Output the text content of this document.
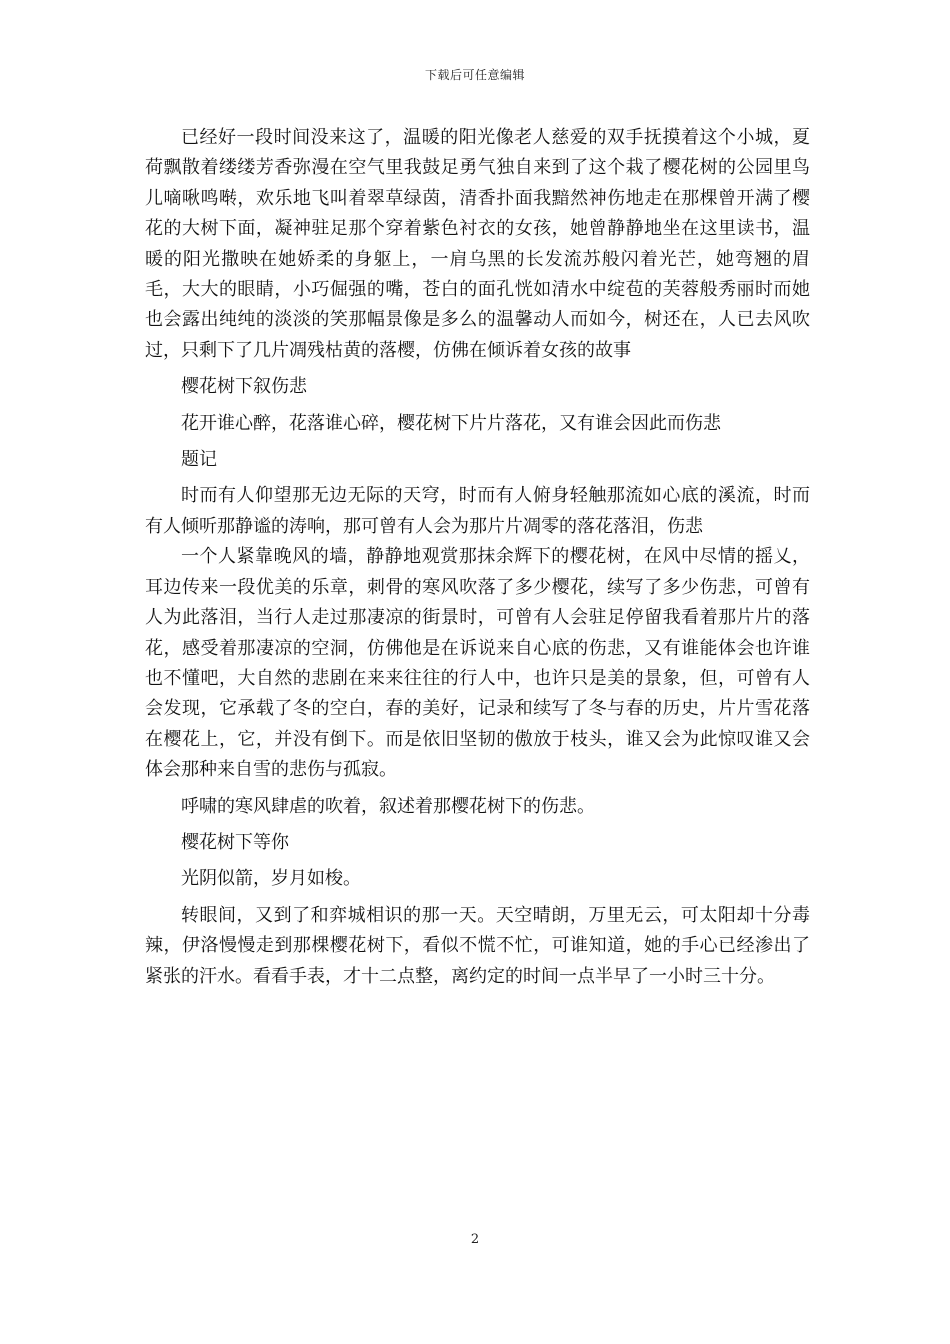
下载后可任意编辑

已经好一段时间没来这了，温暖的阳光像老人慈爱的双手抚摸着这个小城，夏荷飘散着缕缕芳香弥漫在空气里我鼓足勇气独自来到了这个栽了樱花树的公园里鸟儿嘀啾鸣啭，欢乐地飞叫着翠草绿茵，清香扑面我黯然神伤地走在那棵曾开满了樱花的大树下面，凝神驻足那个穿着紫色衬衣的女孩，她曾静静地坐在这里读书，温暖的阳光撒映在她娇柔的身躯上，一肩乌黑的长发流苏般闪着光芒，她弯翘的眉毛，大大的眼睛，小巧倔强的嘴，苍白的面孔恍如清水中绽苞的芙蓉般秀丽时而她也会露出纯纯的淡淡的笑那幅景像是多么的温馨动人而如今，树还在，人已去风吹过，只剩下了几片凋残枯黄的落樱，仿佛在倾诉着女孩的故事

樱花树下叙伤悲

花开谁心醉，花落谁心碎，樱花树下片片落花，又有谁会因此而伤悲

题记

时而有人仰望那无边无际的天穹，时而有人俯身轻触那流如心底的溪流，时而有人倾听那静谧的涛响，那可曾有人会为那片片凋零的落花落泪，伤悲

一个人紧靠晚风的墙，静静地观赏那抹余辉下的樱花树，在风中尽情的摇乂，耳边传来一段优美的乐章，刺骨的寒风吹落了多少樱花，续写了多少伤悲，可曾有人为此落泪，当行人走过那凄凉的街景时，可曾有人会驻足停留我看着那片片的落花，感受着那凄凉的空洞，仿佛他是在诉说来自心底的伤悲，又有谁能体会也许谁也不懂吧，大自然的悲剧在来来往往的行人中，也许只是美的景象，但，可曾有人会发现，它承载了冬的空白，春的美好，记录和续写了冬与春的历史，片片雪花落在樱花上，它，并没有倒下。而是依旧坚韧的傲放于枝头，谁又会为此惊叹谁又会体会那种来自雪的悲伤与孤寂。

呼啸的寒风肆虐的吹着，叙述着那樱花树下的伤悲。

樱花树下等你

光阴似箭，岁月如梭。

转眼间，又到了和弈城相识的那一天。天空晴朗，万里无云，可太阳却十分毒辣，伊洛慢慢走到那棵樱花树下，看似不慌不忙，可谁知道，她的手心已经渗出了紧张的汗水。看看手表，才十二点整，离约定的时间一点半早了一小时三十分。

2
